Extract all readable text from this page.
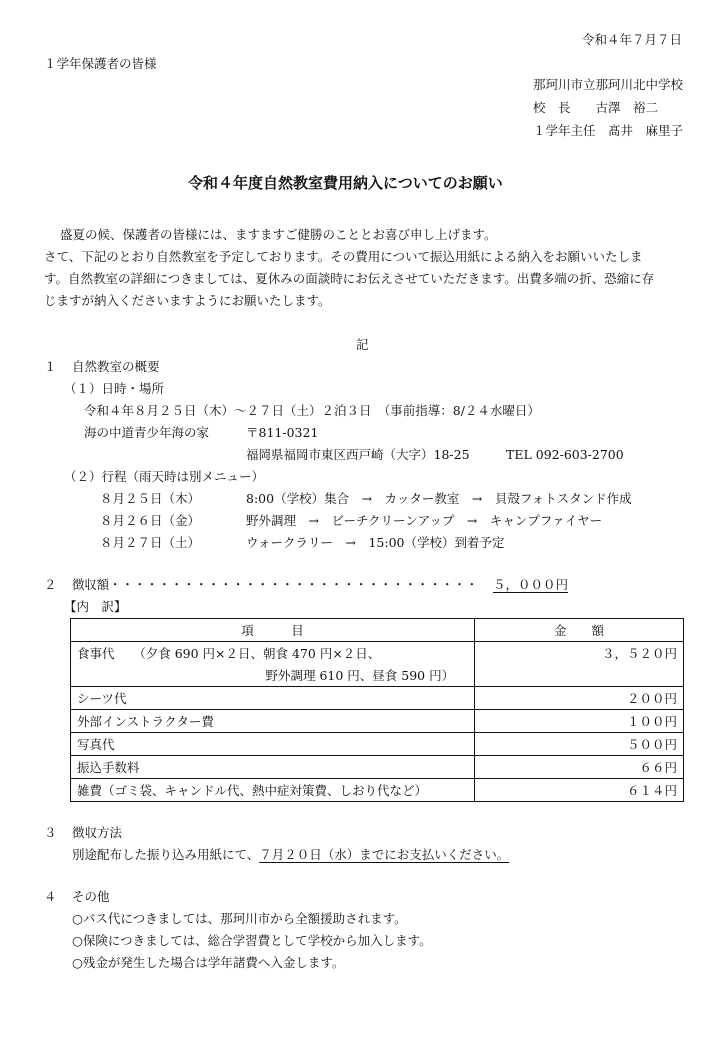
令和４年７月７日
１学年保護者の皆様
那珂川市立那珂川北中学校
校　長　　古澤　裕二
１学年主任　髙井　麻里子
令和４年度自然教室費用納入についてのお願い
盛夏の候、保護者の皆様には、ますますご健勝のこととお喜び申し上げます。
さて、下記のとおり自然教室を予定しております。その費用について振込用紙による納入をお願いいたしま
す。自然教室の詳細につきましては、夏休みの面談時にお伝えさせていただきます。出費多端の折、恐縮に存
じますが納入くださいますようにお願いたします。
記
１ 自然教室の概要
（１）日時・場所
令和４年８月２５日（木）～２７日（土）２泊３日　（事前指導：8/２４水曜日）
海の中道青少年海の家	〒811-0321
福岡県福岡市東区西戸崎（大字）18-25	TEL 092-603-2700
（２）行程（雨天時は別メニュー）
８月２５日（木）	8:00（学校）集合　→　カッター教室　→　貝殻フォトスタンド作成
８月２６日（金）	野外調理　→　ビーチクリーンアップ　→　キャンプファイヤー
８月２７日（土）	ウォークラリー　→　15:00（学校）到着予定
２ 徴収額・・・・・・・・・・・・・・・・・・・・・・・・・・・・・・ ５，０００円
【内　訳】
項　　　目	金　　額
食事代　　（夕食 690 円×２日、朝食 470 円×２日、
野外調理 610 円、昼食 590 円）	３，５２０円
シーツ代	２００円
外部インストラクター費	１００円
写真代	５００円
振込手数料	６６円
雑費（ゴミ袋、キャンドル代、熱中症対策費、しおり代など）	６１４円
３ 徴収方法
別途配布した振り込み用紙にて、７月２０日（水）までにお支払いください。
４ その他
○バス代につきましては、那珂川市から全額援助されます。
○保険につきましては、総合学習費として学校から加入します。
○残金が発生した場合は学年諸費へ入金します。
